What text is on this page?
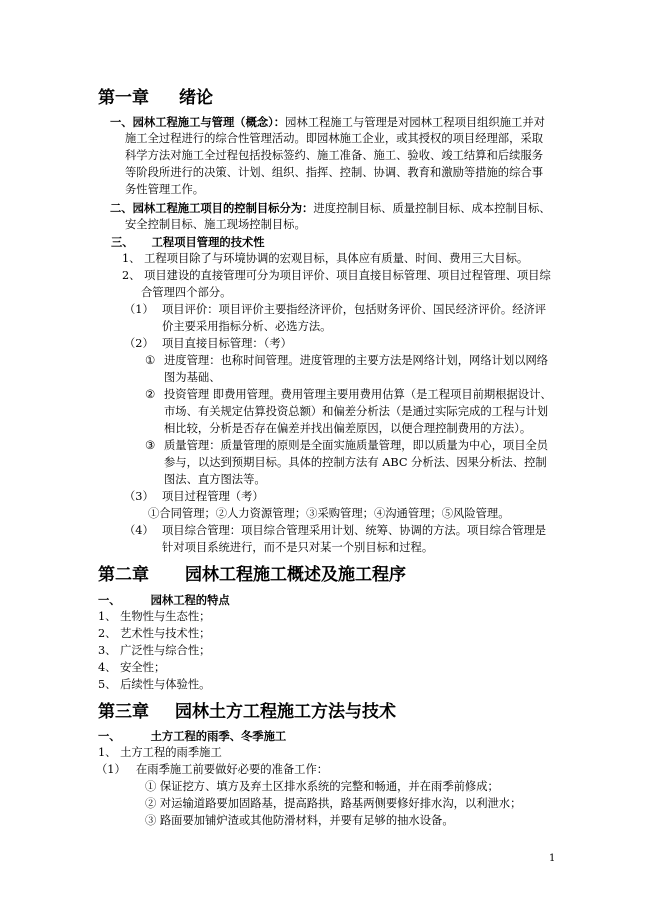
第一章 绪论
一、园林工程施工与管理（概念）：园林工程施工与管理是对园林工程项目组织施工并对
施工全过程进行的综合性管理活动。即园林施工企业，或其授权的项目经理部，采取
科学方法对施工全过程包括投标签约、施工准备、施工、验收、竣工结算和后续服务
等阶段所进行的决策、计划、组织、指挥、控制、协调、教育和激励等措施的综合事
务性管理工作。
二、园林工程施工项目的控制目标分为：进度控制目标、质量控制目标、成本控制目标、
安全控制目标、施工现场控制目标。
三、 工程项目管理的技术性
1、 工程项目除了与环境协调的宏观目标，具体应有质量、时间、费用三大目标。
2、 项目建设的直接管理可分为项目评价、项目直接目标管理、项目过程管理、项目综
合管理四个部分。
（1） 项目评价：项目评价主要指经济评价，包括财务评价、国民经济评价。经济评
价主要采用指标分析、必选方法。
（2） 项目直接目标管理：（考）
① 进度管理：也称时间管理。进度管理的主要方法是网络计划，网络计划以网络
图为基础、
② 投资管理 即费用管理。费用管理主要用费用估算（是工程项目前期根据设计、
市场、有关规定估算投资总额）和偏差分析法（是通过实际完成的工程与计划
相比较，分析是否存在偏差并找出偏差原因，以便合理控制费用的方法）。
③ 质量管理：质量管理的原则是全面实施质量管理，即以质量为中心，项目全员
参与，以达到预期目标。具体的控制方法有 ABC 分析法、因果分析法、控制
图法、直方图法等。
（3） 项目过程管理（考）
①合同管理；②人力资源管理；③采购管理；④沟通管理；⑤风险管理。
（4） 项目综合管理：项目综合管理采用计划、统筹、协调的方法。项目综合管理是
针对项目系统进行，而不是只对某一个别目标和过程。
第二章 园林工程施工概述及施工程序
一、	园林工程的特点
1、 生物性与生态性；
2、 艺术性与技术性；
3、 广泛性与综合性；
4、 安全性；
5、 后续性与体验性。
第三章 园林土方工程施工方法与技术
一、	土方工程的雨季、冬季施工
1、 土方工程的雨季施工
（1） 在雨季施工前要做好必要的准备工作：
① 保证挖方、填方及弃土区排水系统的完整和畅通，并在雨季前修成；
② 对运输道路要加固路基，提高路拱，路基两侧要修好排水沟，以利泄水；
③ 路面要加铺炉渣或其他防滑材料，并要有足够的抽水设备。
1
